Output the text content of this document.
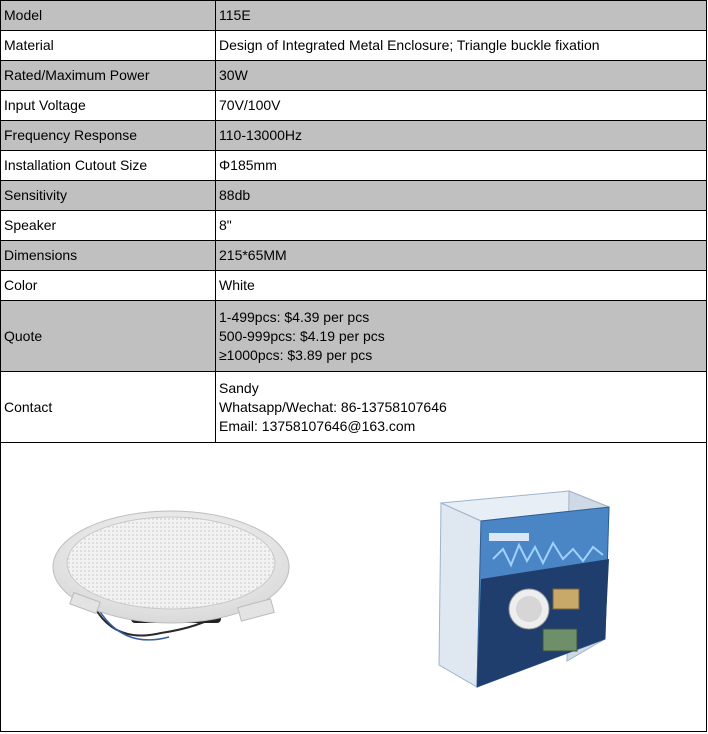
Model	115E
Material	Design of Integrated Metal Enclosure; Triangle buckle fixation
Rated/Maximum Power	30W
Input Voltage	70V/100V
Frequency Response	110-13000Hz
Installation Cutout Size	Φ185mm
Sensitivity	88db
Speaker	8"
Dimensions	215*65MM
Color	White
Quote	1-499pcs: $4.39 per pcs
500-999pcs: $4.19 per pcs
≥1000pcs: $3.89 per pcs

Contact	Sandy
Whatsapp/Wechat: 86-13758107646
Email: 13758107646@163.com
